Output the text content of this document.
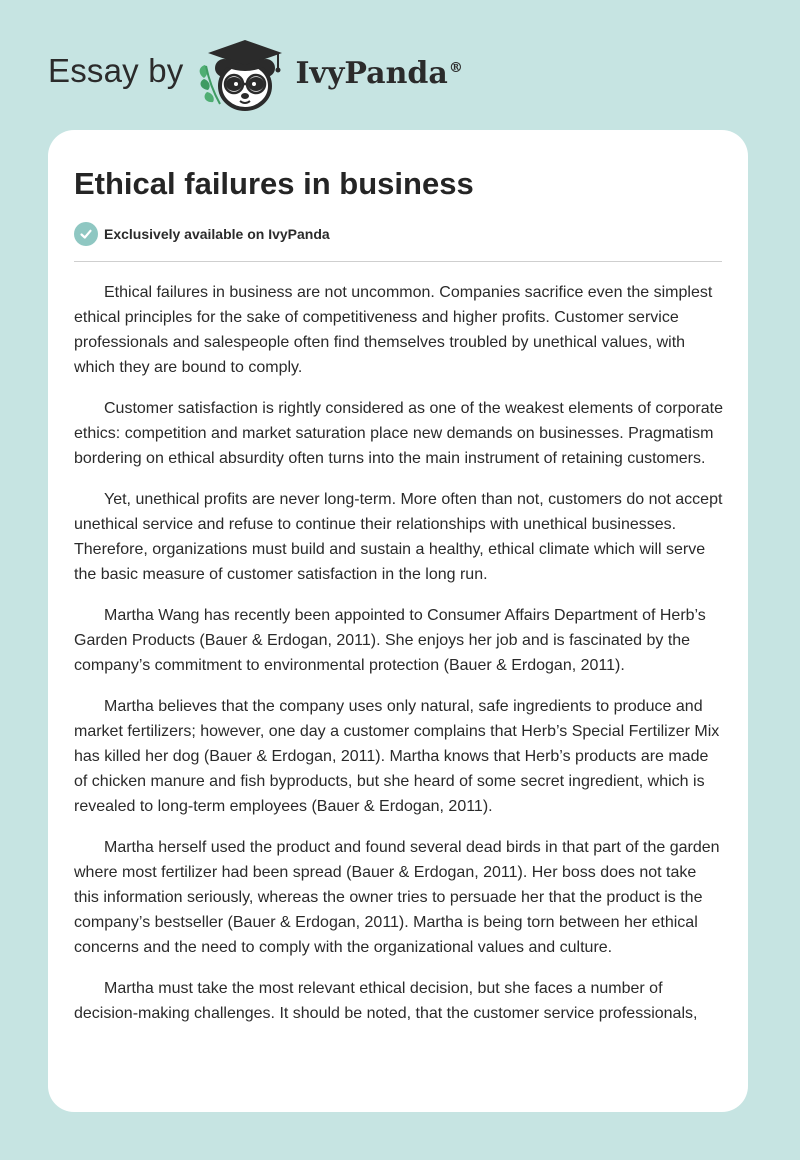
Essay by	IvyPanda®
Ethical failures in business
Exclusively available on IvyPanda

Ethical failures in business are not uncommon. Companies sacrifice even the simplest ethical principles for the sake of competitiveness and higher profits. Customer service professionals and salespeople often find themselves troubled by unethical values, with which they are bound to comply.

Customer satisfaction is rightly considered as one of the weakest elements of corporate ethics: competition and market saturation place new demands on businesses. Pragmatism bordering on ethical absurdity often turns into the main instrument of retaining customers.

Yet, unethical profits are never long-term. More often than not, customers do not accept unethical service and refuse to continue their relationships with unethical businesses. Therefore, organizations must build and sustain a healthy, ethical climate which will serve the basic measure of customer satisfaction in the long run.

Martha Wang has recently been appointed to Consumer Affairs Department of Herb’s Garden Products (Bauer & Erdogan, 2011). She enjoys her job and is fascinated by the company’s commitment to environmental protection (Bauer & Erdogan, 2011).

Martha believes that the company uses only natural, safe ingredients to produce and market fertilizers; however, one day a customer complains that Herb’s Special Fertilizer Mix has killed her dog (Bauer & Erdogan, 2011). Martha knows that Herb’s products are made of chicken manure and fish byproducts, but she heard of some secret ingredient, which is revealed to long-term employees (Bauer & Erdogan, 2011).

Martha herself used the product and found several dead birds in that part of the garden where most fertilizer had been spread (Bauer & Erdogan, 2011). Her boss does not take this information seriously, whereas the owner tries to persuade her that the product is the company’s bestseller (Bauer & Erdogan, 2011). Martha is being torn between her ethical concerns and the need to comply with the organizational values and culture.

Martha must take the most relevant ethical decision, but she faces a number of decision-making challenges. It should be noted, that the customer service professionals,
